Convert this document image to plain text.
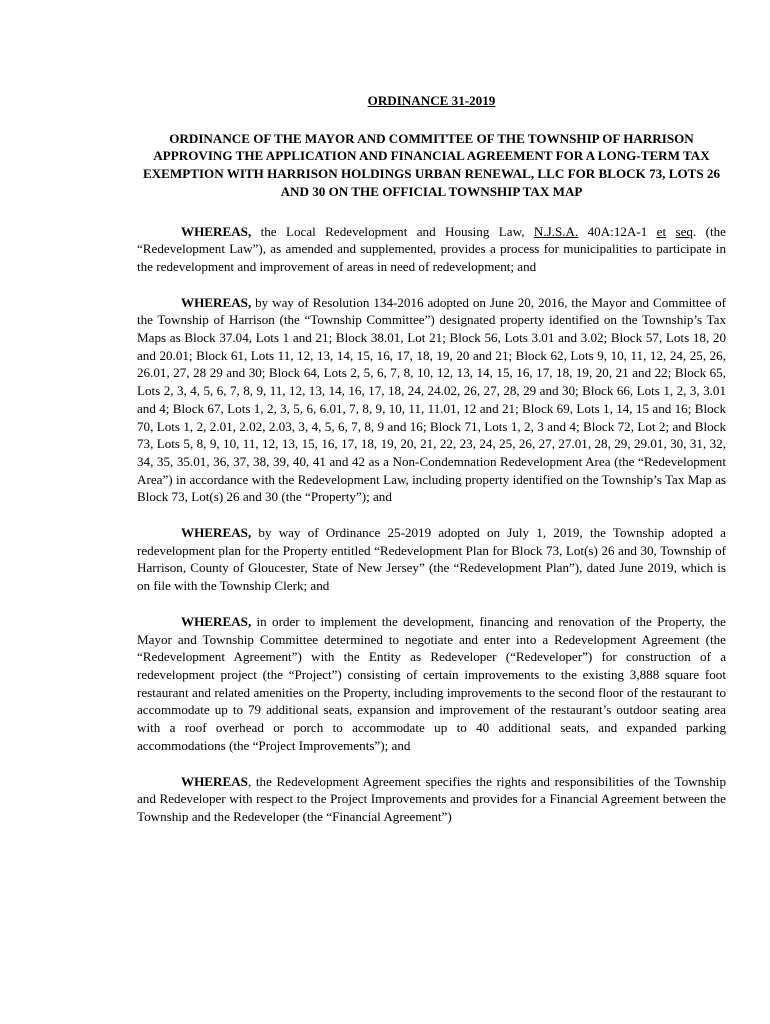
ORDINANCE 31-2019
ORDINANCE OF THE MAYOR AND COMMITTEE OF THE TOWNSHIP OF HARRISON APPROVING THE APPLICATION AND FINANCIAL AGREEMENT FOR A LONG-TERM TAX EXEMPTION WITH HARRISON HOLDINGS URBAN RENEWAL, LLC FOR BLOCK 73, LOTS 26 AND 30 ON THE OFFICIAL TOWNSHIP TAX MAP

WHEREAS, the Local Redevelopment and Housing Law, N.J.S.A. 40A:12A-1 et seq. (the “Redevelopment Law”), as amended and supplemented, provides a process for municipalities to participate in the redevelopment and improvement of areas in need of redevelopment; and

WHEREAS, by way of Resolution 134-2016 adopted on June 20, 2016, the Mayor and Committee of the Township of Harrison (the “Township Committee”) designated property identified on the Township’s Tax Maps as Block 37.04, Lots 1 and 21; Block 38.01, Lot 21; Block 56, Lots 3.01 and 3.02; Block 57, Lots 18, 20 and 20.01; Block 61, Lots 11, 12, 13, 14, 15, 16, 17, 18, 19, 20 and 21; Block 62, Lots 9, 10, 11, 12, 24, 25, 26, 26.01, 27, 28 29 and 30; Block 64, Lots 2, 5, 6, 7, 8, 10, 12, 13, 14, 15, 16, 17, 18, 19, 20, 21 and 22; Block 65, Lots 2, 3, 4, 5, 6, 7, 8, 9, 11, 12, 13, 14, 16, 17, 18, 24, 24.02, 26, 27, 28, 29 and 30; Block 66, Lots 1, 2, 3, 3.01 and 4; Block 67, Lots 1, 2, 3, 5, 6, 6.01, 7, 8, 9, 10, 11, 11.01, 12 and 21; Block 69, Lots 1, 14, 15 and 16; Block 70, Lots 1, 2, 2.01, 2.02, 2.03, 3, 4, 5, 6, 7, 8, 9 and 16; Block 71, Lots 1, 2, 3 and 4; Block 72, Lot 2; and Block 73, Lots 5, 8, 9, 10, 11, 12, 13, 15, 16, 17, 18, 19, 20, 21, 22, 23, 24, 25, 26, 27, 27.01, 28, 29, 29.01, 30, 31, 32, 34, 35, 35.01, 36, 37, 38, 39, 40, 41 and 42 as a Non-Condemnation Redevelopment Area (the “Redevelopment Area”) in accordance with the Redevelopment Law, including property identified on the Township’s Tax Map as Block 73, Lot(s) 26 and 30 (the “Property”); and

WHEREAS, by way of Ordinance 25-2019 adopted on July 1, 2019, the Township adopted a redevelopment plan for the Property entitled “Redevelopment Plan for Block 73, Lot(s) 26 and 30, Township of Harrison, County of Gloucester, State of New Jersey” (the “Redevelopment Plan”), dated June 2019, which is on file with the Township Clerk; and

WHEREAS, in order to implement the development, financing and renovation of the Property, the Mayor and Township Committee determined to negotiate and enter into a Redevelopment Agreement (the “Redevelopment Agreement”) with the Entity as Redeveloper (“Redeveloper”) for construction of a redevelopment project (the “Project”) consisting of certain improvements to the existing 3,888 square foot restaurant and related amenities on the Property, including improvements to the second floor of the restaurant to accommodate up to 79 additional seats, expansion and improvement of the restaurant’s outdoor seating area with a roof overhead or porch to accommodate up to 40 additional seats, and expanded parking accommodations (the “Project Improvements”); and

WHEREAS, the Redevelopment Agreement specifies the rights and responsibilities of the Township and Redeveloper with respect to the Project Improvements and provides for a Financial Agreement between the Township and the Redeveloper (the “Financial Agreement”)
